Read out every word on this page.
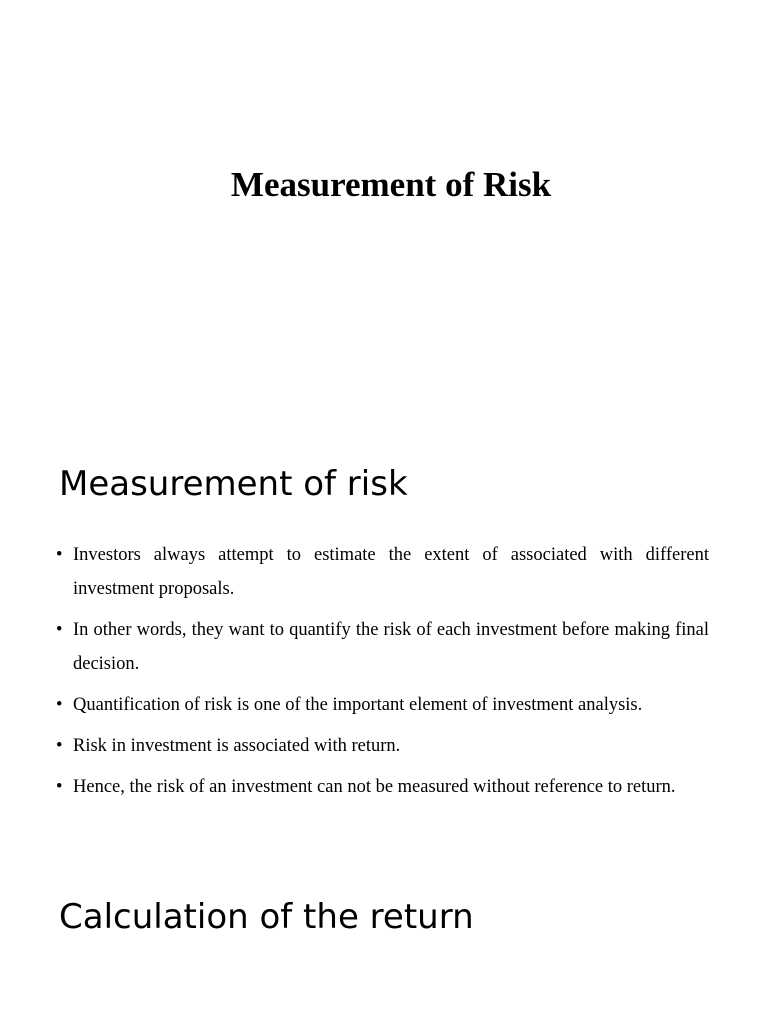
Measurement of Risk
Measurement of risk
• Investors always attempt to estimate the extent of associated with different investment proposals.
• In other words, they want to quantify the risk of each investment before making final decision.
• Quantification of risk is one of the important element of investment analysis.
• Risk in investment is associated with return.
• Hence, the risk of an investment can not be measured without reference to return.
Calculation of the return
